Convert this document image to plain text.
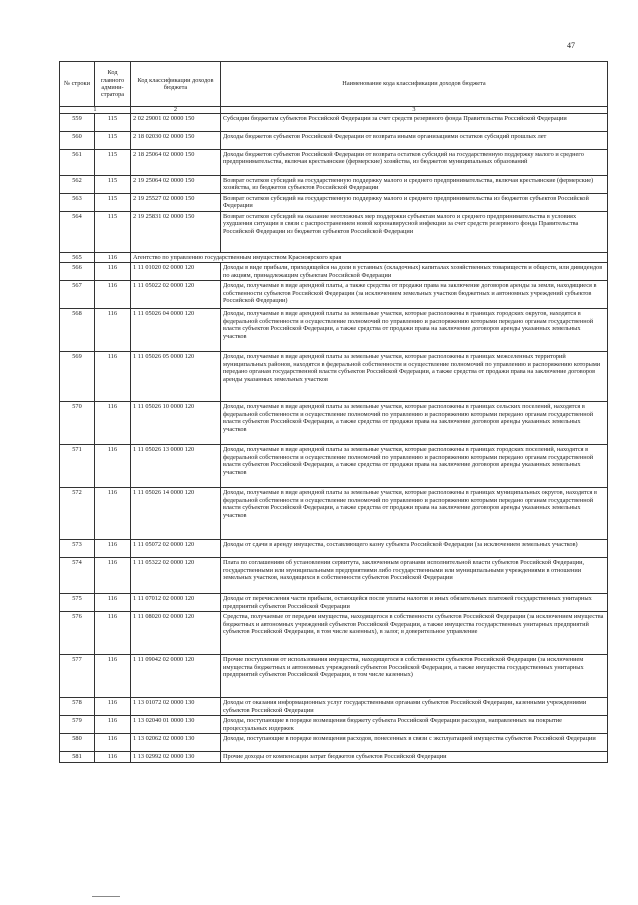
47
№ строки	Код главного админи-стратора	Код классификации доходов бюджета	Наименование кода классификации доходов бюджета
1		2	3
559	115	2 02 29001 02 0000 150	Субсидии бюджетам субъектов Российской Федерации за счет средств резервного фонда Правительства Российской Федерации
560	115	2 18 02030 02 0000 150	Доходы бюджетов субъектов Российской Федерации от возврата иными организациями остатков субсидий прошлых лет
561	115	2 18 25064 02 0000 150	Доходы бюджетов субъектов Российской Федерации от возврата остатков субсидий на государственную поддержку малого и среднего предпринимательства, включая крестьянские (фермерские) хозяйства, из бюджетов муниципальных образований
562	115	2 19 25064 02 0000 150	Возврат остатков субсидий на государственную поддержку малого и среднего предпринимательства, включая крестьянские (фермерские) хозяйства, из бюджетов субъектов Российской Федерации
563	115	2 19 25527 02 0000 150	Возврат остатков субсидий на государственную поддержку малого и среднего предпринимательства из бюджетов субъектов Российской Федерации
564	115	2 19 25831 02 0000 150	Возврат остатков субсидий на оказание неотложных мер поддержки субъектам малого и среднего предпринимательства в условиях ухудшения ситуации в связи с распространением новой коронавирусной инфекции за счет средств резервного фонда Правительства Российской Федерации из бюджетов субъектов Российской Федерации
565	116	Агентство по управлению государственным имуществом Красноярского края	
566	116	1 11 01020 02 0000 120	Доходы в виде прибыли, приходящейся на доли в уставных (складочных) капиталах хозяйственных товариществ и обществ, или дивидендов по акциям, принадлежащим субъектам Российской Федерации
567	116	1 11 05022 02 0000 120	Доходы, получаемые в виде арендной платы, а также средства от продажи права на заключение договоров аренды за земли, находящиеся в собственности субъектов Российской Федерации (за исключением земельных участков бюджетных и автономных учреждений субъектов Российской Федерации)
568	116	1 11 05026 04 0000 120	Доходы, получаемые в виде арендной платы за земельные участки, которые расположены в границах городских округов, находятся в федеральной собственности и осуществление полномочий по управлению и распоряжению которыми передано органам государственной власти субъектов Российской Федерации, а также средства от продажи права на заключение договоров аренды указанных земельных участков
569	116	1 11 05026 05 0000 120	Доходы, получаемые в виде арендной платы за земельные участки, которые расположены в границах межселенных территорий муниципальных районов, находятся в федеральной собственности и осуществление полномочий по управлению и распоряжению которыми передано органам государственной власти субъектов Российской Федерации, а также средства от продажи права на заключение договоров аренды указанных земельных участков
570	116	1 11 05026 10 0000 120	Доходы, получаемые в виде арендной платы за земельные участки, которые расположены в границах сельских поселений, находятся в федеральной собственности и осуществление полномочий по управлению и распоряжению которыми передано органам государственной власти субъектов Российской Федерации, а также средства от продажи права на заключение договоров аренды указанных земельных участков
571	116	1 11 05026 13 0000 120	Доходы, получаемые в виде арендной платы за земельные участки, которые расположены в границах городских поселений, находятся в федеральной собственности и осуществление полномочий по управлению и распоряжению которыми передано органам государственной власти субъектов Российской Федерации, а также средства от продажи права на заключение договоров аренды указанных земельных участков
572	116	1 11 05026 14 0000 120	Доходы, получаемые в виде арендной платы за земельные участки, которые расположены в границах муниципальных округов, находятся в федеральной собственности и осуществление полномочий по управлению и распоряжению которыми передано органам государственной власти субъектов Российской Федерации, а также средства от продажи права на заключение договоров аренды указанных земельных участков
573	116	1 11 05072 02 0000 120	Доходы от сдачи в аренду имущества, составляющего казну субъекта Российской Федерации (за исключением земельных участков)
574	116	1 11 05322 02 0000 120	Плата по соглашениям об установлении сервитута, заключенным органами исполнительной власти субъектов Российской Федерации, государственными или муниципальными предприятиями либо государственными или муниципальными учреждениями в отношении земельных участков, находящихся в собственности субъектов Российской Федерации
575	116	1 11 07012 02 0000 120	Доходы от перечисления части прибыли, остающейся после уплаты налогов и иных обязательных платежей государственных унитарных предприятий субъектов Российской Федерации
576	116	1 11 08020 02 0000 120	Средства, получаемые от передачи имущества, находящегося в собственности субъектов Российской Федерации (за исключением имущества бюджетных и автономных учреждений субъектов Российской Федерации, а также имущества государственных унитарных предприятий субъектов Российской Федерации, в том числе казенных), в залог, в доверительное управление
577	116	1 11 09042 02 0000 120	Прочие поступления от использования имущества, находящегося в собственности субъектов Российской Федерации (за исключением имущества бюджетных и автономных учреждений субъектов Российской Федерации, а также имущества государственных унитарных предприятий субъектов Российской Федерации, в том числе казенных)
578	116	1 13 01072 02 0000 130	Доходы от оказания информационных услуг государственными органами субъектов Российской Федерации, казенными учреждениями субъектов Российской Федерации
579	116	1 13 02040 01 0000 130	Доходы, поступающие в порядке возмещения бюджету субъекта Российской Федерации расходов, направленных на покрытие процессуальных издержек
580	116	1 13 02062 02 0000 130	Доходы, поступающие в порядке возмещения расходов, понесенных в связи с эксплуатацией имущества субъектов Российской Федерации
581	116	1 13 02992 02 0000 130	Прочие доходы от компенсации затрат бюджетов субъектов Российской Федерации
